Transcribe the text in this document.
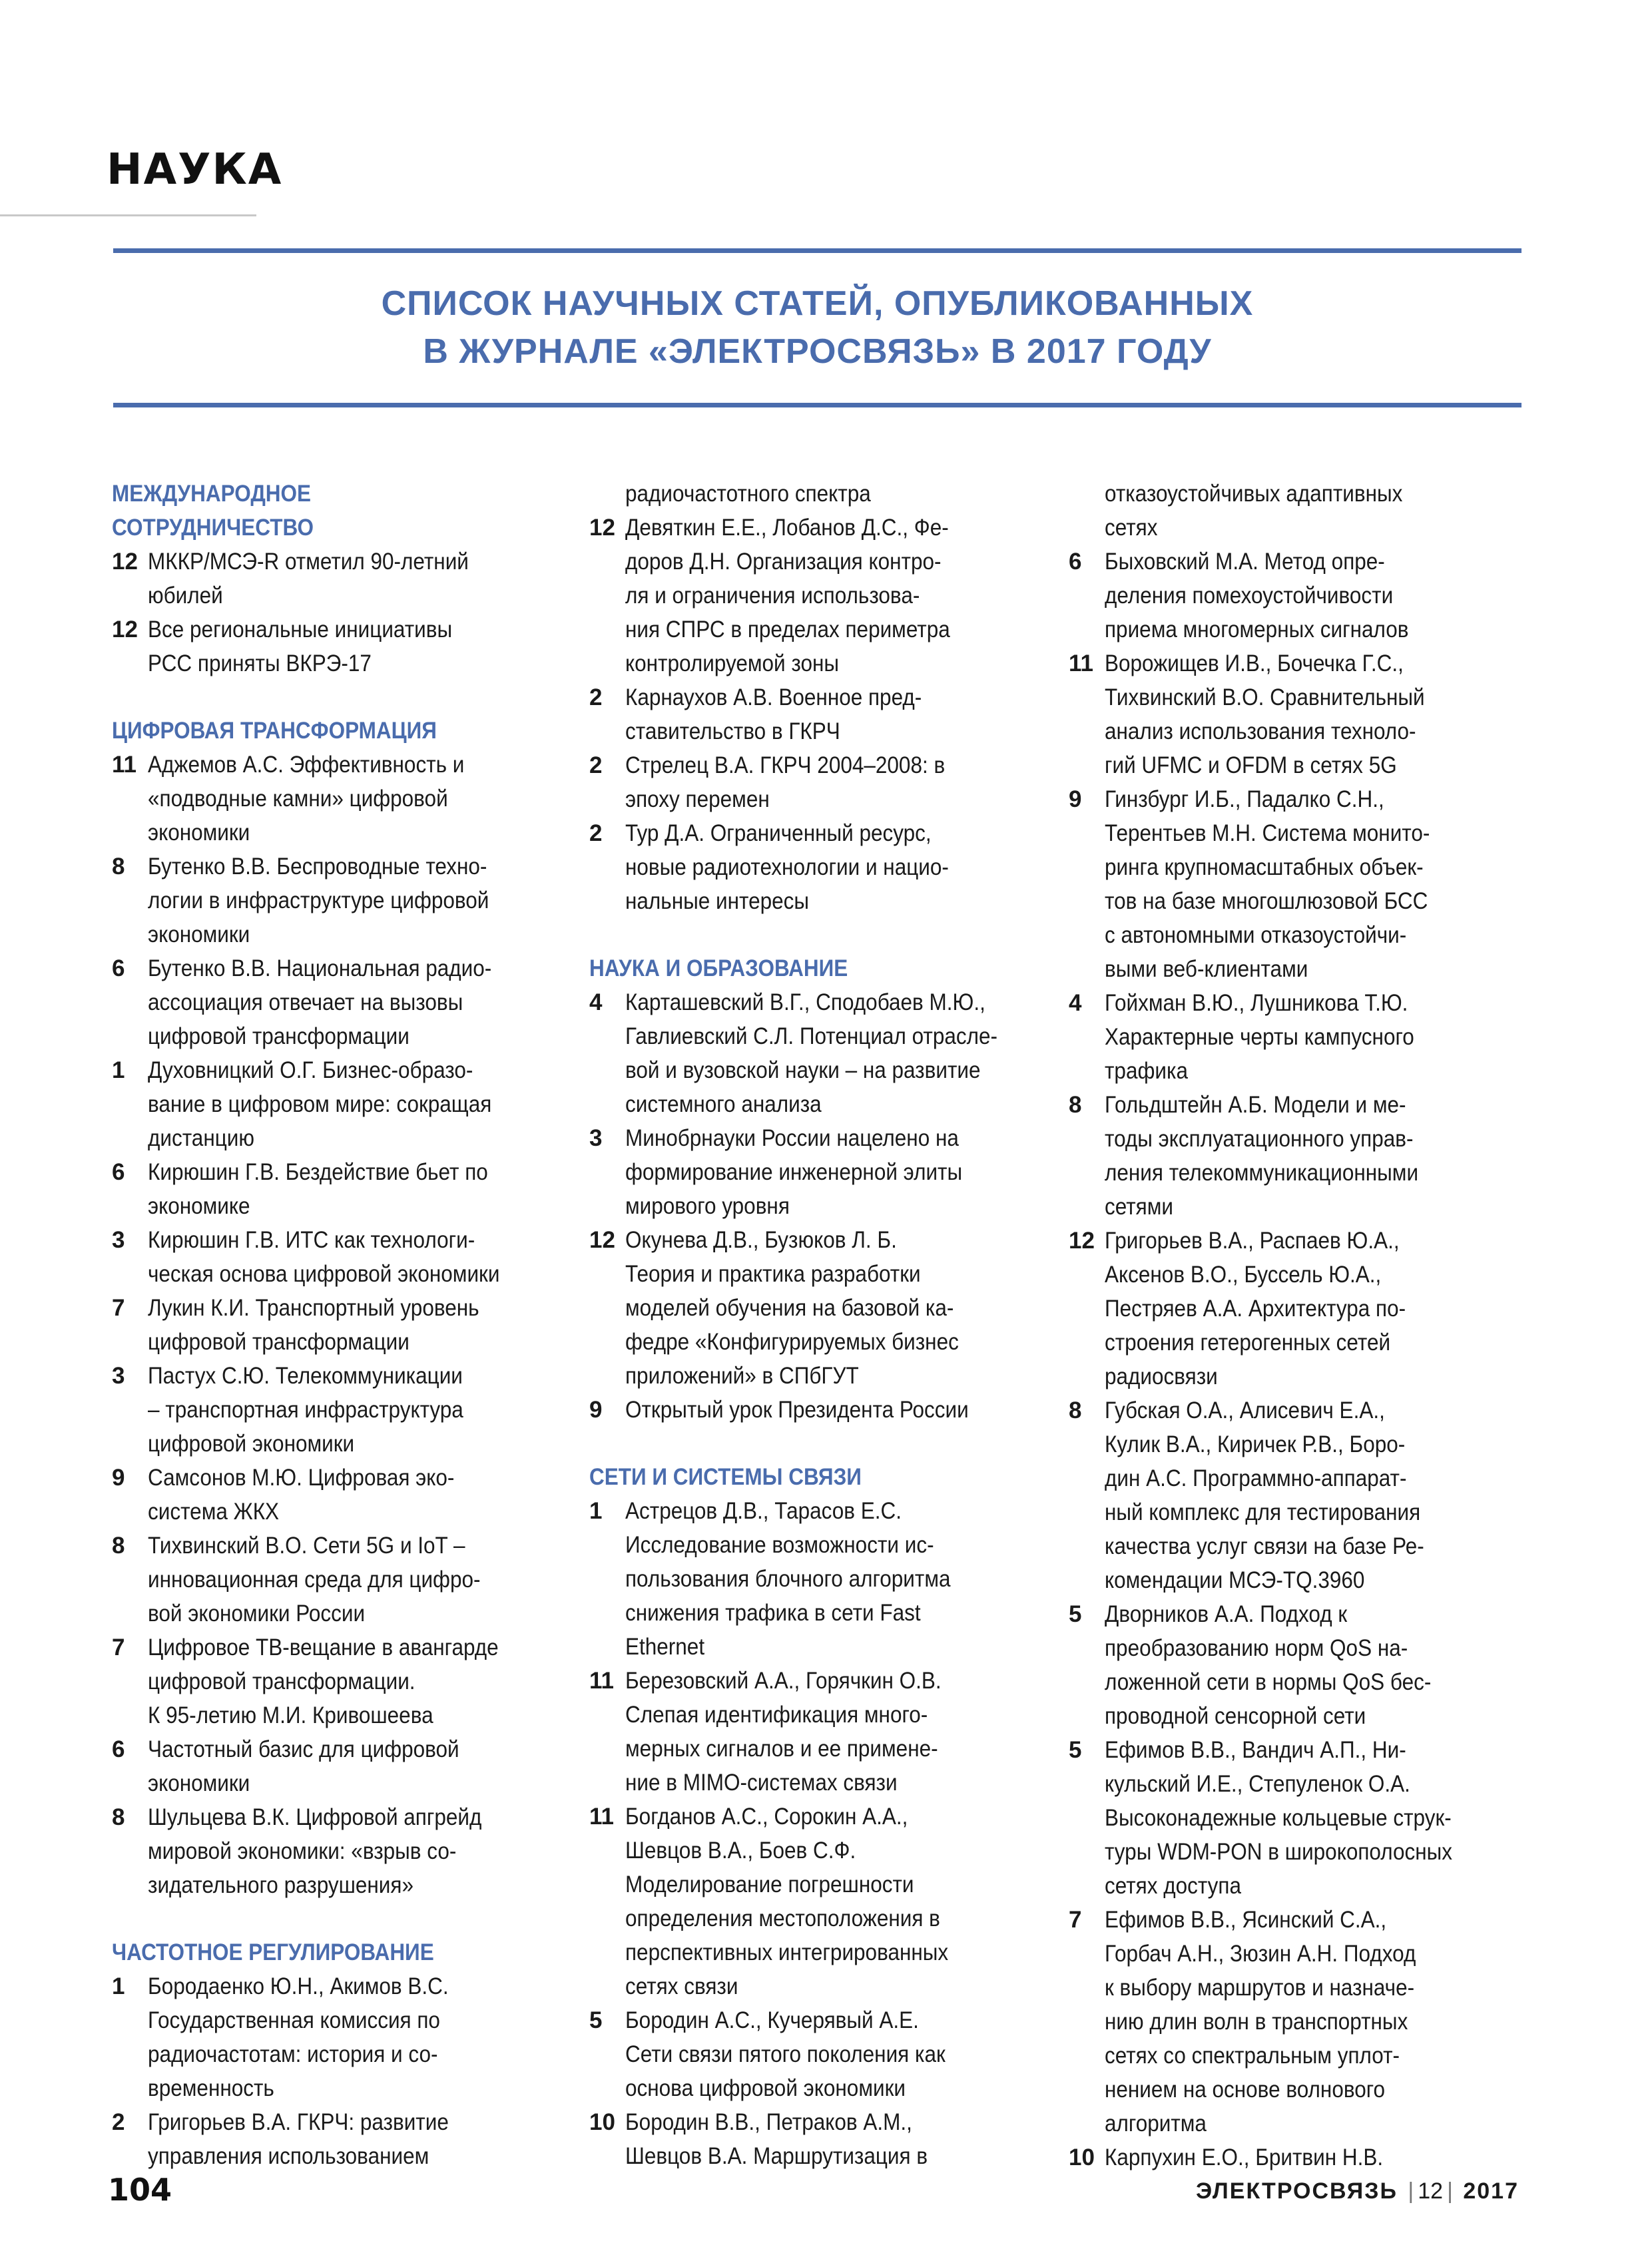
НАУКА
СПИСОК НАУЧНЫХ СТАТЕЙ, ОПУБЛИКОВАННЫХ
В ЖУРНАЛЕ «ЭЛЕКТРОСВЯЗЬ» В 2017 ГОДУ
МЕЖДУНАРОДНОЕ
СОТРУДНИЧЕСТВО
12 МККР/МСЭ-R отметил 90-летний
юбилей
12 Все региональные инициативы
РСС приняты ВКРЭ-17
ЦИФРОВАЯ ТРАНСФОРМАЦИЯ
11 Аджемов А.С. Эффективность и
«подводные камни» цифровой
экономики
8 Бутенко В.В. Беспроводные техно-
логии в инфраструктуре цифровой
экономики
6 Бутенко В.В. Национальная радио-
ассоциация отвечает на вызовы
цифровой трансформации
1 Духовницкий О.Г. Бизнес-образо-
вание в цифровом мире: сокращая
дистанцию
6 Кирюшин Г.В. Бездействие бьет по
экономике
3 Кирюшин Г.В. ИТС как технологи-
ческая основа цифровой экономики
7 Лукин К.И. Транспортный уровень
цифровой трансформации
3 Пастух С.Ю. Телекоммуникации
– транспортная инфраструктура
цифровой экономики
9 Самсонов М.Ю. Цифровая эко-
система ЖКХ
8 Тихвинский В.О. Сети 5G и IoT –
инновационная среда для цифро-
вой экономики России
7 Цифровое ТВ-вещание в авангарде
цифровой трансформации.
К 95-летию М.И. Кривошеева
6 Частотный базис для цифровой
экономики
8 Шульцева В.К. Цифровой апгрейд
мировой экономики: «взрыв со-
зидательного разрушения»
ЧАСТОТНОЕ РЕГУЛИРОВАНИЕ
1 Бородаенко Ю.Н., Акимов В.С.
Государственная комиссия по
радиочастотам: история и со-
временность
2 Григорьев В.А. ГКРЧ: развитие
управления использованием
радиочастотного спектра
12 Девяткин Е.Е., Лобанов Д.С., Фе-
доров Д.Н. Организация контро-
ля и ограничения использова-
ния СПРС в пределах периметра
контролируемой зоны
2 Карнаухов А.В. Военное пред-
ставительство в ГКРЧ
2 Стрелец В.А. ГКРЧ 2004–2008: в
эпоху перемен
2 Тур Д.А. Ограниченный ресурс,
новые радиотехнологии и нацио-
нальные интересы
НАУКА И ОБРАЗОВАНИЕ
4 Карташевский В.Г., Сподобаев М.Ю.,
Гавлиевский С.Л. Потенциал отрасле-
вой и вузовской науки – на развитие
системного анализа
3 Минобрнауки России нацелено на
формирование инженерной элиты
мирового уровня
12 Окунева Д.В., Бузюков Л. Б.
Теория и практика разработки
моделей обучения на базовой ка-
федре «Конфигурируемых бизнес
приложений» в СПбГУТ
9 Открытый урок Президента России
СЕТИ И СИСТЕМЫ СВЯЗИ
1 Астрецов Д.В., Тарасов Е.С.
Исследование возможности ис-
пользования блочного алгоритма
снижения трафика в сети Fast
Ethernet
11 Березовский А.А., Горячкин О.В.
Слепая идентификация много-
мерных сигналов и ее примене-
ние в MIMO-системах связи
11 Богданов А.С., Сорокин А.А.,
Шевцов В.А., Боев С.Ф.
Моделирование погрешности
определения местоположения в
перспективных интегрированных
сетях связи
5 Бородин А.С., Кучерявый А.Е.
Сети связи пятого поколения как
основа цифровой экономики
10 Бородин В.В., Петраков А.М.,
Шевцов В.А. Маршрутизация в
отказоустойчивых адаптивных
сетях
6 Быховский М.А. Метод опре-
деления помехоустойчивости
приема многомерных сигналов
11 Ворожищев И.В., Бочечка Г.С.,
Тихвинский В.О. Сравнительный
анализ использования техноло-
гий UFMC и OFDM в сетях 5G
9 Гинзбург И.Б., Падалко С.Н.,
Терентьев М.Н. Система монито-
ринга крупномасштабных объек-
тов на базе многошлюзовой БСС
с автономными отказоустойчи-
выми веб-клиентами
4 Гойхман В.Ю., Лушникова Т.Ю.
Характерные черты кампусного
трафика
8 Гольдштейн А.Б. Модели и ме-
тоды эксплуатационного управ-
ления телекоммуникационными
сетями
12 Григорьев В.А., Распаев Ю.А.,
Аксенов В.О., Буссель Ю.А.,
Пестряев А.А. Архитектура по-
строения гетерогенных сетей
радиосвязи
8 Губская О.А., Алисевич Е.А.,
Кулик В.А., Киричек Р.В., Боро-
дин А.С. Программно-аппарат-
ный комплекс для тестирования
качества услуг связи на базе Ре-
комендации МСЭ-TQ.3960
5 Дворников А.А. Подход к
преобразованию норм QoS на-
ложенной сети в нормы QoS бес-
проводной сенсорной сети
5 Ефимов В.В., Вандич А.П., Ни-
кульский И.Е., Степуленок О.А.
Высоконадежные кольцевые струк-
туры WDM-PON в широкополосных
сетях доступа
7 Ефимов В.В., Ясинский С.А.,
Горбач А.Н., Зюзин А.Н. Подход
к выбору маршрутов и назначе-
нию длин волн в транспортных
сетях со спектральным уплот-
нением на основе волнового
алгоритма
10 Карпухин Е.О., Бритвин Н.В.
104	ЭЛЕКТРОСВЯЗЬ | 12 | 2017
